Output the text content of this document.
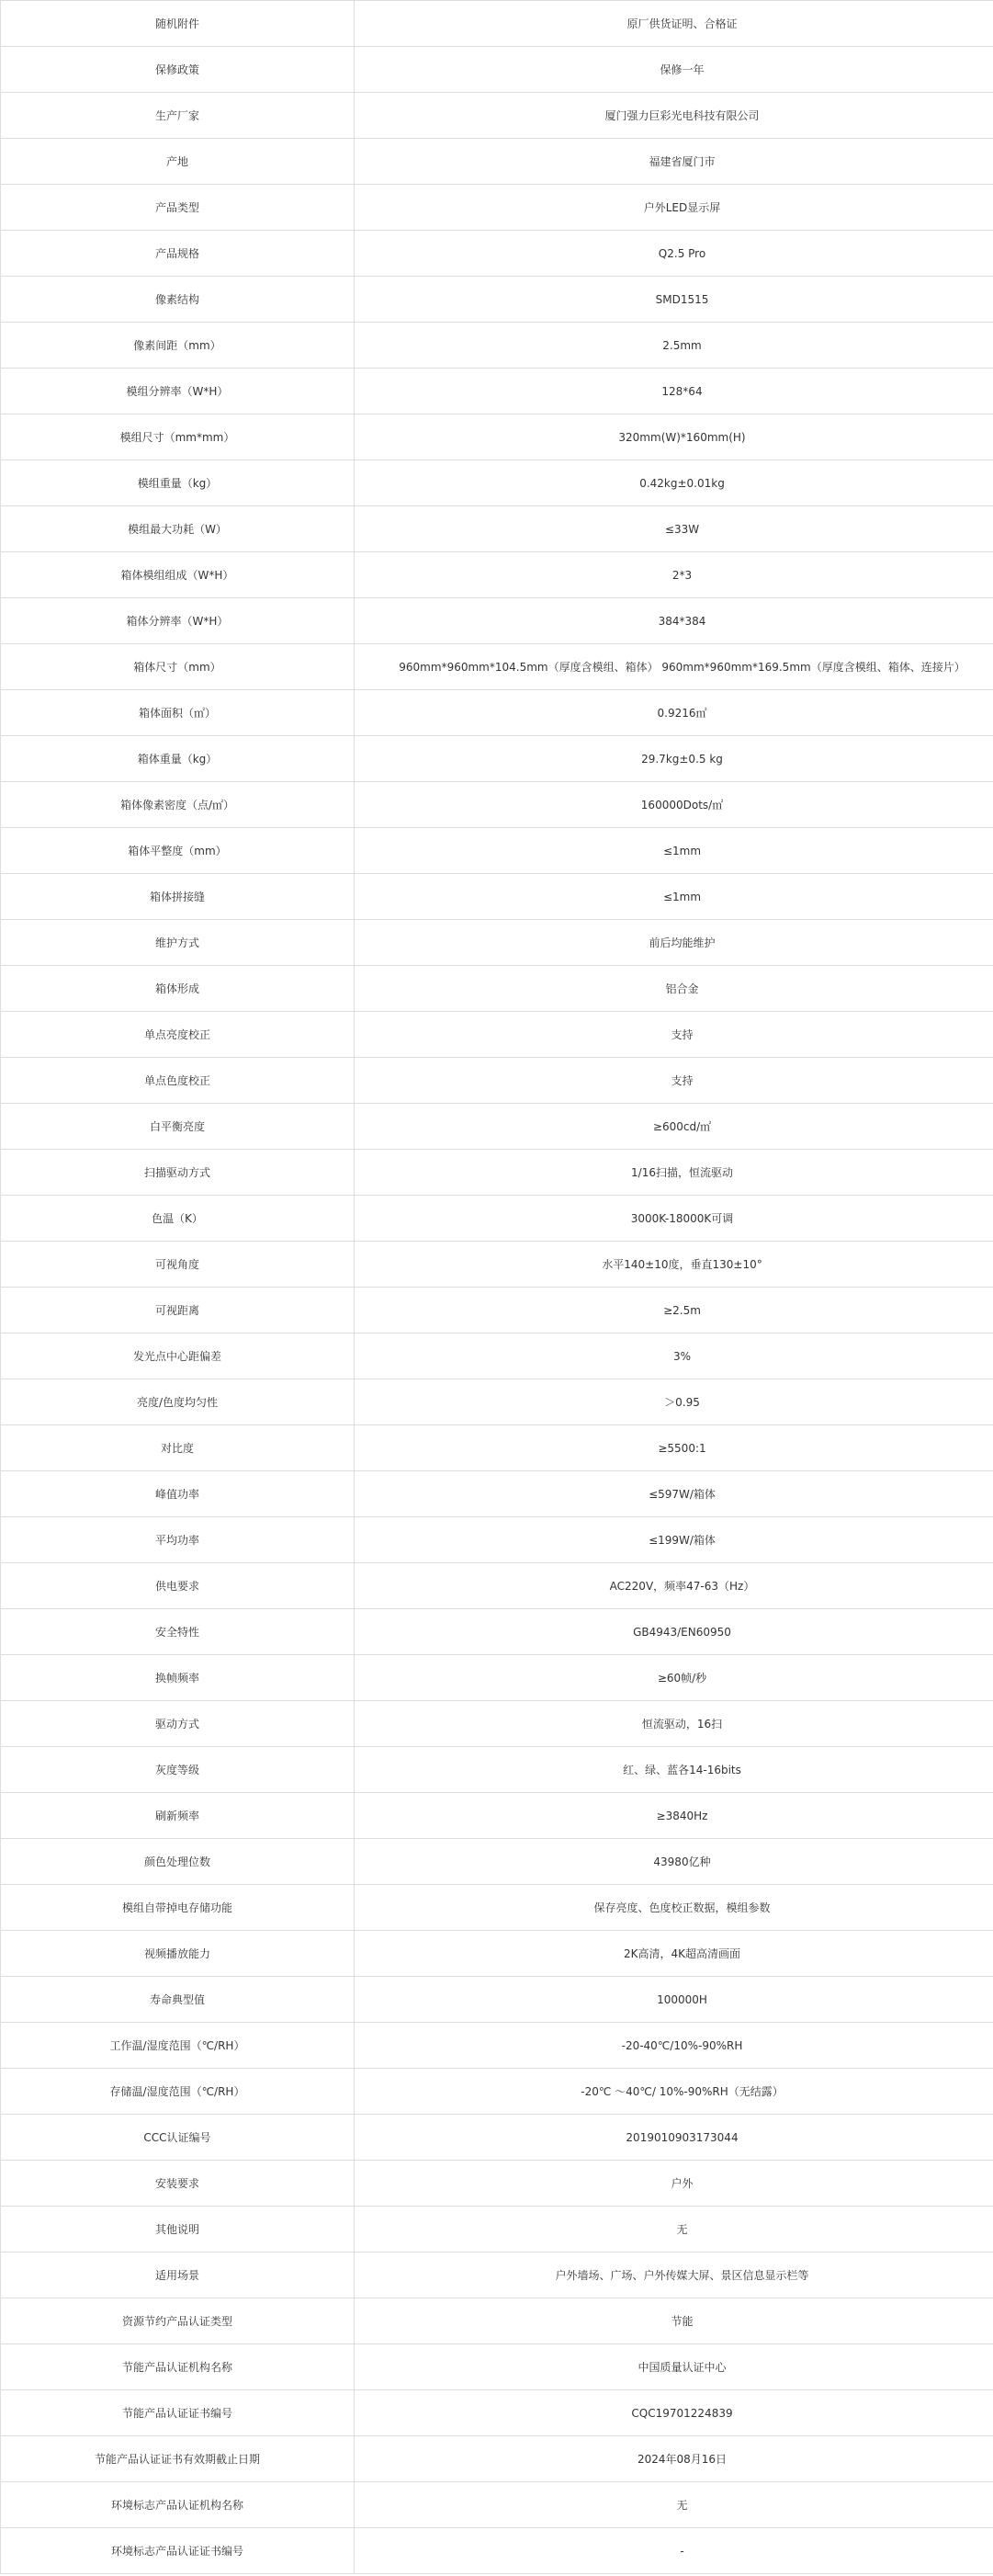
随机附件	原厂供货证明、合格证
保修政策	保修一年
生产厂家	厦门强力巨彩光电科技有限公司
产地	福建省厦门市
产品类型	户外LED显示屏
产品规格	Q2.5 Pro
像素结构	SMD1515
像素间距（mm）	2.5mm
模组分辨率（W*H）	128*64
模组尺寸（mm*mm）	320mm(W)*160mm(H)
模组重量（kg）	0.42kg±0.01kg
模组最大功耗（W）	≤33W
箱体模组组成（W*H）	2*3
箱体分辨率（W*H）	384*384
箱体尺寸（mm）	960mm*960mm*104.5mm（厚度含模组、箱体） 960mm*960mm*169.5mm（厚度含模组、箱体、连接片）
箱体面积（㎡）	0.9216㎡
箱体重量（kg）	29.7kg±0.5 kg
箱体像素密度（点/㎡）	160000Dots/㎡
箱体平整度（mm）	≤1mm
箱体拼接缝	≤1mm
维护方式	前后均能维护
箱体形成	铝合金
单点亮度校正	支持
单点色度校正	支持
白平衡亮度	≥600cd/㎡
扫描驱动方式	1/16扫描，恒流驱动
色温（K）	3000K-18000K可调
可视角度	水平140±10度，垂直130±10°
可视距离	≥2.5m
发光点中心距偏差	3%
亮度/色度均匀性	＞0.95
对比度	≥5500:1
峰值功率	≤597W/箱体
平均功率	≤199W/箱体
供电要求	AC220V，频率47-63（Hz）
安全特性	GB4943/EN60950
换帧频率	≥60帧/秒
驱动方式	恒流驱动，16扫
灰度等级	红、绿、蓝各14-16bits
刷新频率	≥3840Hz
颜色处理位数	43980亿种
模组自带掉电存储功能	保存亮度、色度校正数据，模组参数
视频播放能力	2K高清，4K超高清画面
寿命典型值	100000H
工作温/湿度范围（℃/RH）	-20-40℃/10%-90%RH
存储温/湿度范围（℃/RH）	-20℃ ～40℃/ 10%-90%RH（无结露）
CCC认证编号	2019010903173044
安装要求	户外
其他说明	无
适用场景	户外墙场、广场、户外传媒大屏、景区信息显示栏等
资源节约产品认证类型	节能
节能产品认证机构名称	中国质量认证中心
节能产品认证证书编号	CQC19701224839
节能产品认证证书有效期截止日期	2024年08月16日
环境标志产品认证机构名称	无
环境标志产品认证证书编号	-
